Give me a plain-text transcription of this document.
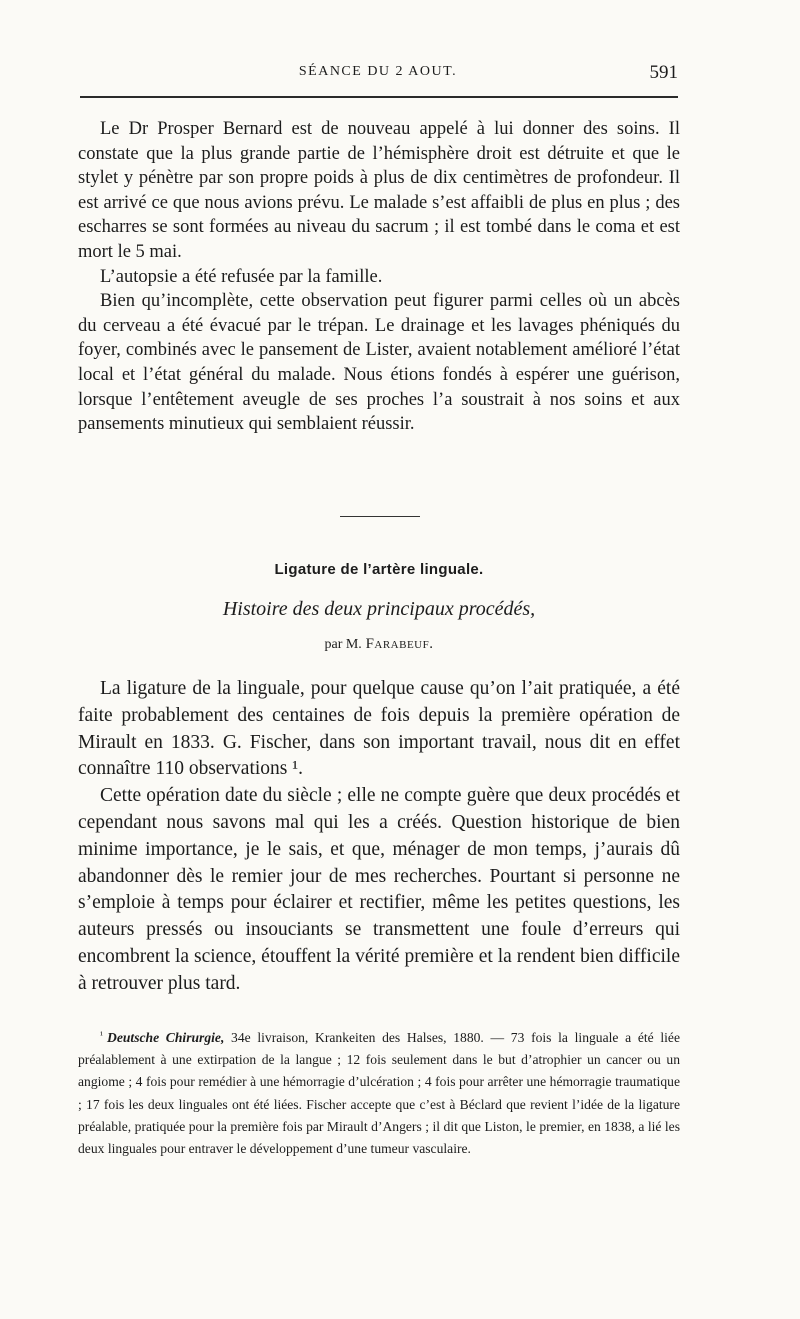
SÉANCE DU 2 AOUT.	591

Le Dr Prosper Bernard est de nouveau appelé à lui donner des soins. Il constate que la plus grande partie de l’hémisphère droit est détruite et que le stylet y pénètre par son propre poids à plus de dix centimètres de profondeur. Il est arrivé ce que nous avions prévu. Le malade s’est affaibli de plus en plus ; des escharres se sont formées au niveau du sacrum ; il est tombé dans le coma et est mort le 5 mai.

L’autopsie a été refusée par la famille.

Bien qu’incomplète, cette observation peut figurer parmi celles où un abcès du cerveau a été évacué par le trépan. Le drainage et les lavages phéniqués du foyer, combinés avec le pansement de Lister, avaient notablement amélioré l’état local et l’état général du malade. Nous étions fondés à espérer une guérison, lorsque l’entêtement aveugle de ses proches l’a soustrait à nos soins et aux pansements minutieux qui semblaient réussir.

Ligature de l’artère linguale.
Histoire des deux principaux procédés,
par M. Farabeuf.

La ligature de la linguale, pour quelque cause qu’on l’ait pratiquée, a été faite probablement des centaines de fois depuis la première opération de Mirault en 1833. G. Fischer, dans son important travail, nous dit en effet connaître 110 observations ¹.

Cette opération date du siècle ; elle ne compte guère que deux procédés et cependant nous savons mal qui les a créés. Question historique de bien minime importance, je le sais, et que, ménager de mon temps, j’aurais dû abandonner dès le remier jour de mes recherches. Pourtant si personne ne s’emploie à temps pour éclairer et rectifier, même les petites questions, les auteurs pressés ou insouciants se transmettent une foule d’erreurs qui encombrent la science, étouffent la vérité première et la rendent bien difficile à retrouver plus tard.

$^{^1}$ Deutsche Chirurgie, 34e livraison, Krankeiten des Halses, 1880. — 73 fois la linguale a été liée préalablement à une extirpation de la langue ; 12 fois seulement dans le but d’atrophier un cancer ou un angiome ; 4 fois pour remédier à une hémorragie d’ulcération ; 4 fois pour arrêter une hémorragie traumatique ; 17 fois les deux linguales ont été liées. Fischer accepte que c’est à Béclard que revient l’idée de la ligature préalable, pratiquée pour la première fois par Mirault d’Angers ; il dit que Liston, le premier, en 1838, a lié les deux linguales pour entraver le développement d’une tumeur vasculaire.
